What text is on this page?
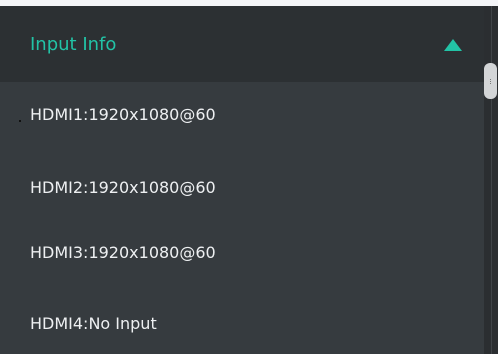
Input Info
HDMI1:1920x1080@60
HDMI2:1920x1080@60
HDMI3:1920x1080@60
HDMI4:No Input
